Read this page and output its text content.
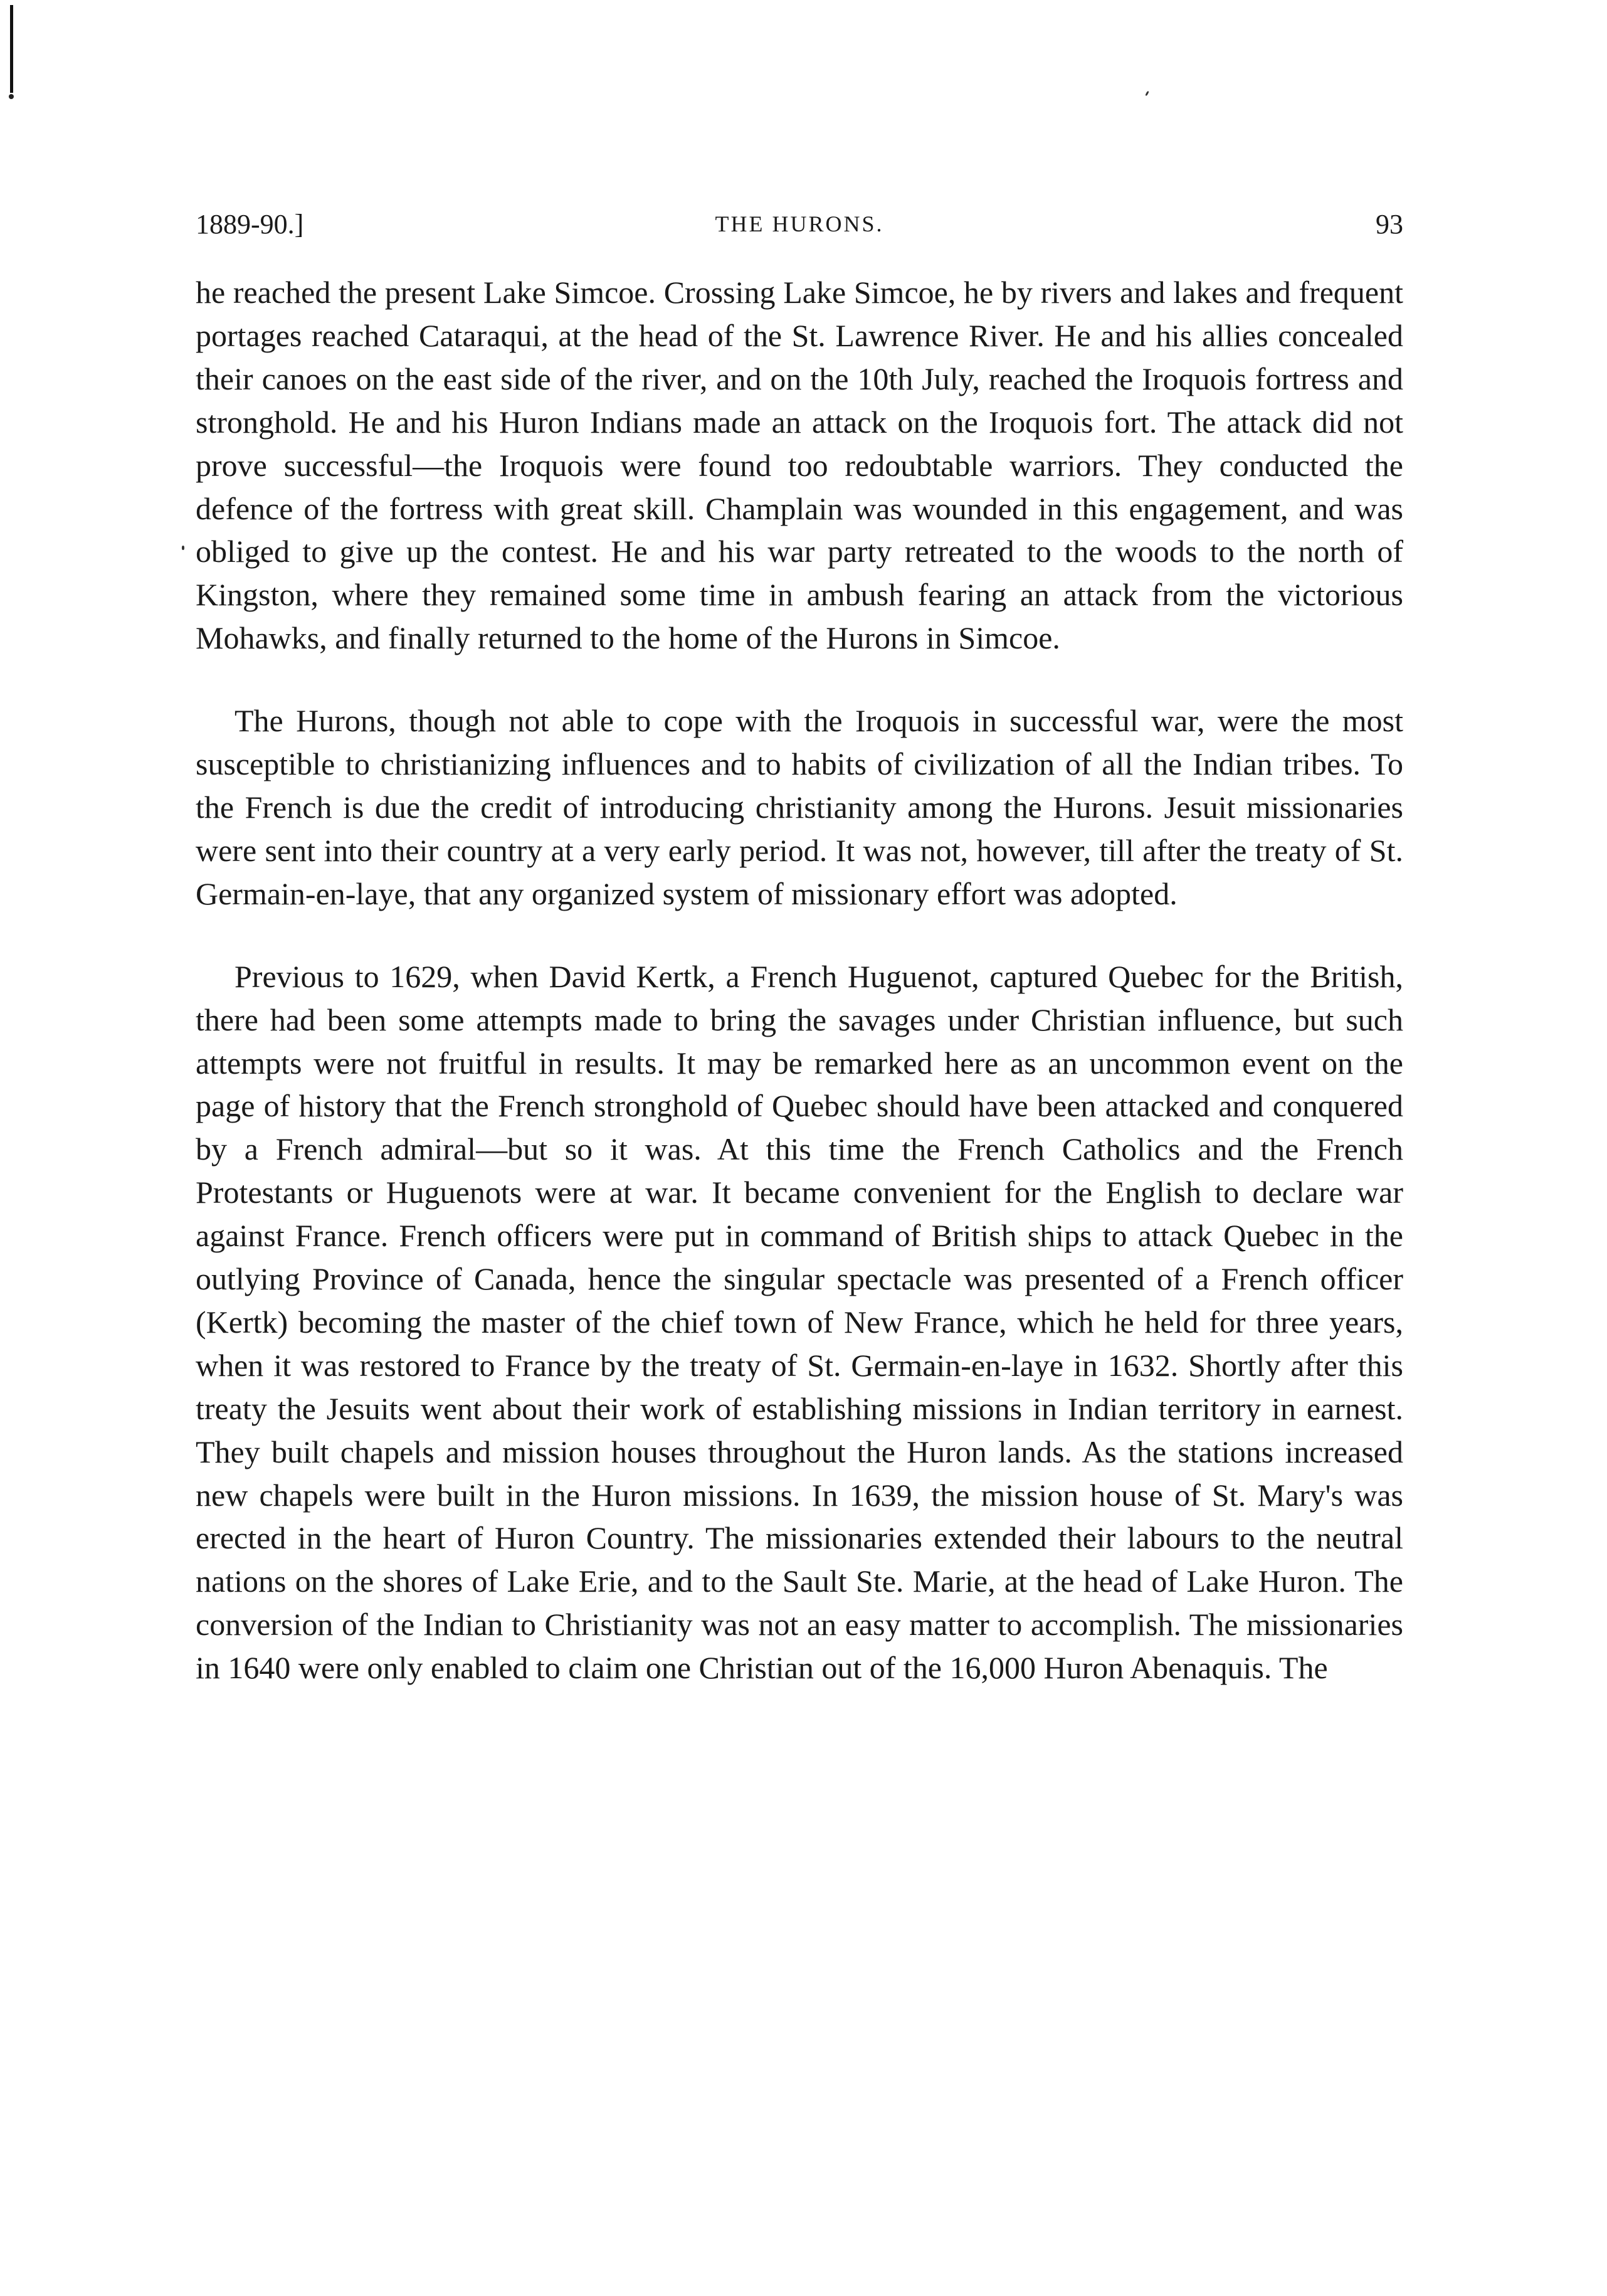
1889-90.]	THE HURONS.	93

he reached the present Lake Simcoe. Crossing Lake Simcoe, he by rivers and lakes and frequent portages reached Cataraqui, at the head of the St. Lawrence River. He and his allies concealed their canoes on the east side of the river, and on the 10th July, reached the Iroquois fortress and stronghold. He and his Huron Indians made an attack on the Iroquois fort. The attack did not prove successful—the Iroquois were found too redoubtable warriors. They conducted the defence of the fortress with great skill. Champlain was wounded in this engagement, and was obliged to give up the contest. He and his war party retreated to the woods to the north of Kingston, where they remained some time in ambush fearing an attack from the victorious Mohawks, and finally returned to the home of the Hurons in Simcoe.

The Hurons, though not able to cope with the Iroquois in successful war, were the most susceptible to christianizing influences and to habits of civilization of all the Indian tribes. To the French is due the credit of introducing christianity among the Hurons. Jesuit missionaries were sent into their country at a very early period. It was not, however, till after the treaty of St. Germain-en-laye, that any organized system of missionary effort was adopted.

Previous to 1629, when David Kertk, a French Huguenot, captured Quebec for the British, there had been some attempts made to bring the savages under Christian influence, but such attempts were not fruitful in results. It may be remarked here as an uncommon event on the page of history that the French stronghold of Quebec should have been attacked and conquered by a French admiral—but so it was. At this time the French Catholics and the French Protestants or Huguenots were at war. It became convenient for the English to declare war against France. French officers were put in command of British ships to attack Quebec in the outlying Province of Canada, hence the singular spectacle was presented of a French officer (Kertk) becoming the master of the chief town of New France, which he held for three years, when it was restored to France by the treaty of St. Germain-en-laye in 1632. Shortly after this treaty the Jesuits went about their work of establishing missions in Indian territory in earnest. They built chapels and mission houses throughout the Huron lands. As the stations increased new chapels were built in the Huron missions. In 1639, the mission house of St. Mary's was erected in the heart of Huron Country. The missionaries extended their labours to the neutral nations on the shores of Lake Erie, and to the Sault Ste. Marie, at the head of Lake Huron. The conversion of the Indian to Christianity was not an easy matter to accomplish. The missionaries in 1640 were only enabled to claim one Christian out of the 16,000 Huron Abenaquis. The
